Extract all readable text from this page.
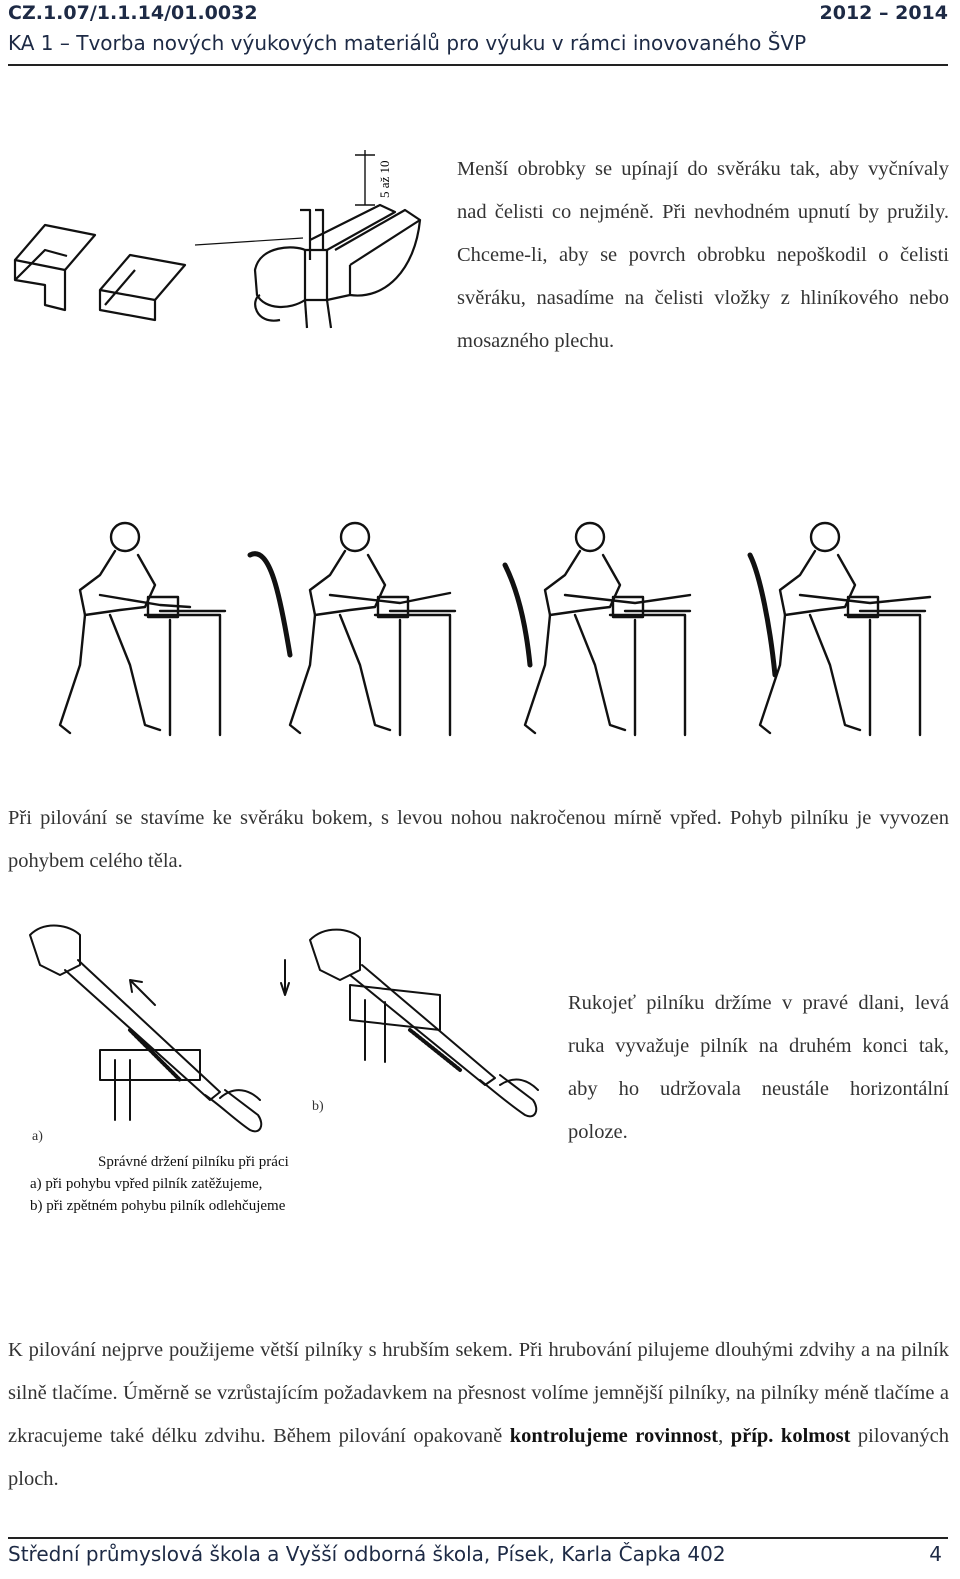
CZ.1.07/1.1.14/01.0032	2012 – 2014
KA 1 – Tvorba nových výukových materiálů pro výuku v rámci inovovaného ŠVP
5 až 10	Menší obrobky se upínají do svěráku tak, aby vyčnívaly nad čelisti co nejméně. Při nevhodném upnutí by pružily. Chceme-li, aby se povrch obrobku nepoškodil o čelisti svěráku, nasadíme na čelisti vložky z hliníkového nebo mosazného plechu.
Při pilování se stavíme ke svěráku bokem, s levou nohou nakročenou mírně vpřed. Pohyb pilníku je vyvozen pohybem celého těla.
a)
b)
Správné držení pilníku při práci
a) při pohybu vpřed pilník zatěžujeme,
b) při zpětném pohybu pilník odlehčujeme
Rukojeť pilníku držíme v pravé dlani, levá ruka vyvažuje pilník na druhém konci tak, aby ho udržovala neustále horizontální poloze.
K pilování nejprve použijeme větší pilníky s hrubším sekem. Při hrubování pilujeme dlouhými zdvihy a na pilník silně tlačíme. Úměrně se vzrůstajícím požadavkem na přesnost volíme jemnější pilníky, na pilníky méně tlačíme a zkracujeme také délku zdvihu. Během pilování opakovaně kontrolujeme rovinnost, příp. kolmost pilovaných ploch.
Střední průmyslová škola a Vyšší odborná škola, Písek, Karla Čapka 402	4
